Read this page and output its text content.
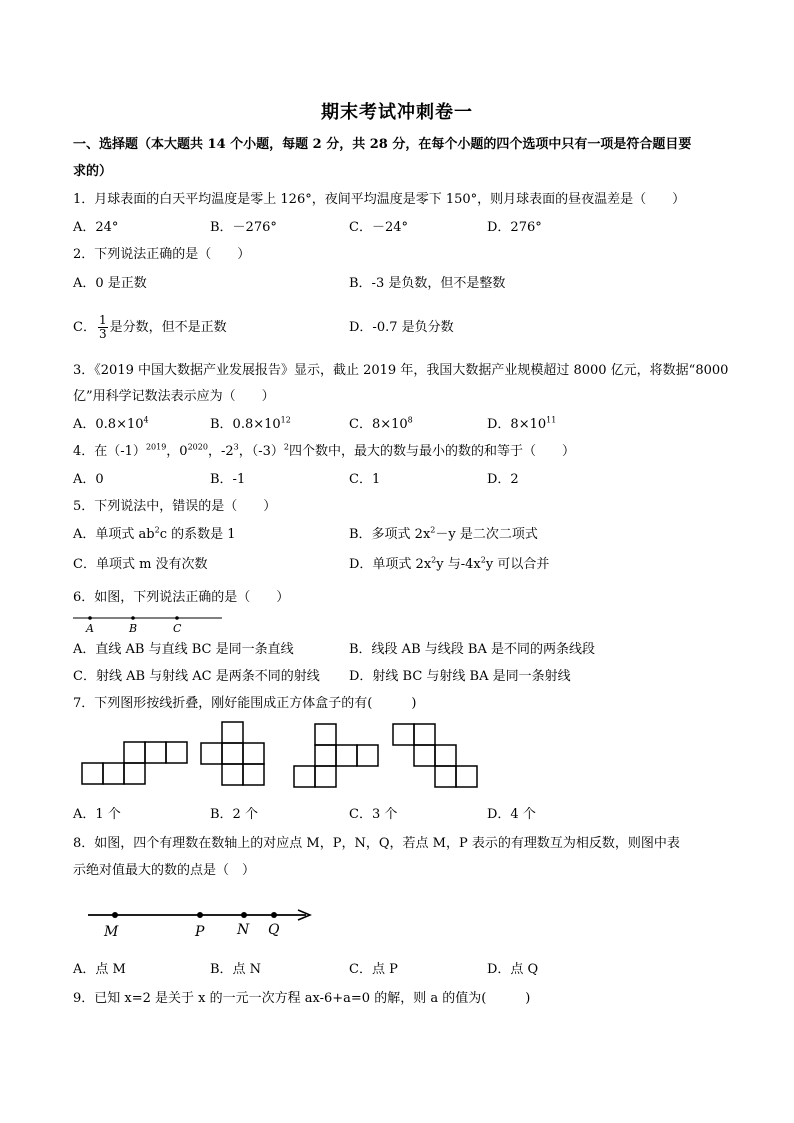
期末考试冲刺卷一
一、选择题（本大题共 14 个小题，每题 2 分，共 28 分，在每个小题的四个选项中只有一项是符合题目要
求的）
1．月球表面的白天平均温度是零上 126°，夜间平均温度是零下 150°，则月球表面的昼夜温差是（　　）
A．24°	B．－276°	C．－24°	D．276°
2．下列说法正确的是（　　）
A．0 是正数	B．-3 是负数，但不是整数
C． $\frac{1}{3}$ 是分数，但不是正数	D．-0.7 是负分数
3．《2019 中国大数据产业发展报告》显示，截止 2019 年，我国大数据产业规模超过 8000 亿元，将数据“8000
亿”用科学记数法表示应为（　　）
A．$0.8\times 10^4$	B．$0.8\times 10^{12}$	C．$8\times 10^8$	D．$8\times 10^{11}$
4．在$(-1)^{2019}$，$0^{2020}$，$-2^3$，$(-3)^2$四个数中，最大的数与最小的数的和等于（　　）
A．0	B．-1	C．1	D．2
5．下列说法中，错误的是（　　）
A．单项式 $ab^2c$ 的系数是 1	B．多项式 $2x^2-y$ 是二次二项式
C．单项式 m 没有次数	D．单项式 $2x^2y$ 与$-4x^2y$ 可以合并
6．如图，下列说法正确的是（　　）
A	B	C
A．直线 AB 与直线 BC 是同一条直线	B．线段 AB 与线段 BA 是不同的两条线段
C．射线 AB 与射线 AC 是两条不同的射线 D．射线 BC 与射线 BA 是同一条射线
7．下列图形按线折叠，刚好能围成正方体盒子的有(　　　)
A．1 个	B．2 个	C．3 个	D．4 个
8．如图，四个有理数在数轴上的对应点 M，P，N，Q，若点 M，P 表示的有理数互为相反数，则图中表
示绝对值最大的数的点是（　）
M	P N Q
A．点 M	B．点 N	C．点 P	D．点 Q
9．已知 x=2 是关于 x 的一元一次方程 ax-6+a=0 的解，则 a 的值为(　　　)
